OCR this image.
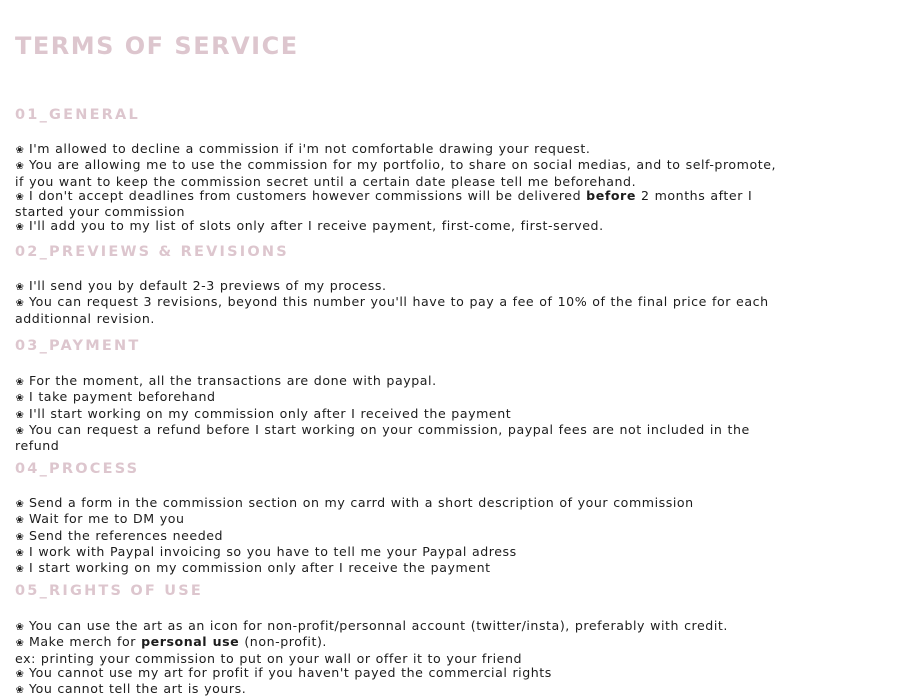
TERMS OF SERVICE
01_GENERAL
❀ I'm allowed to decline a commission if i'm not comfortable drawing your request.
❀ You are allowing me to use the commission for my portfolio, to share on social medias, and to self-promote,
if you want to keep the commission secret until a certain date please tell me beforehand.
❀ I don't accept deadlines from customers however commissions will be delivered before 2 months after I
started your commission
❀ I'll add you to my list of slots only after I receive payment, first-come, first-served.
02_PREVIEWS & REVISIONS
❀ I'll send you by default 2-3 previews of my process.
❀ You can request 3 revisions, beyond this number you'll have to pay a fee of 10% of the final price for each
additionnal revision.
03_PAYMENT
❀ For the moment, all the transactions are done with paypal.
❀ I take payment beforehand
❀ I'll start working on my commission only after I received the payment
❀ You can request a refund before I start working on your commission, paypal fees are not included in the
refund
04_PROCESS
❀ Send a form in the commission section on my carrd with a short description of your commission
❀ Wait for me to DM you
❀ Send the references needed
❀ I work with Paypal invoicing so you have to tell me your Paypal adress
❀ I start working on my commission only after I receive the payment
05_RIGHTS OF USE
❀ You can use the art as an icon for non-profit/personnal account (twitter/insta), preferably with credit.
❀ Make merch for personal use (non-profit).
ex: printing your commission to put on your wall or offer it to your friend
❀ You cannot use my art for profit if you haven't payed the commercial rights
❀ You cannot tell the art is yours.
